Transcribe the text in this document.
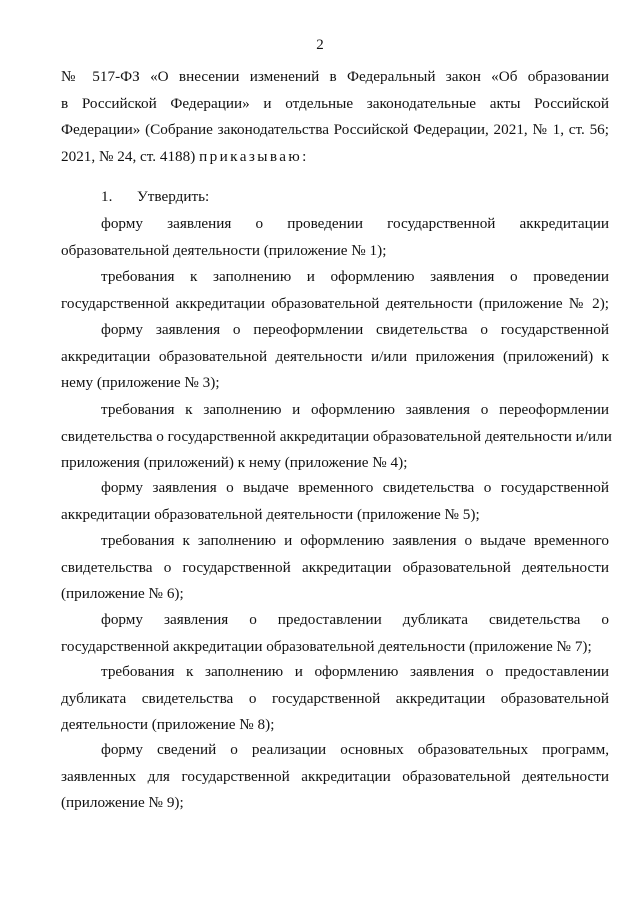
2
№ 517-ФЗ «О внесении изменений в Федеральный закон «Об образовании
в Российской Федерации» и отдельные законодательные акты Российской
Федерации» (Собрание законодательства Российской Федерации, 2021, № 1, ст. 56;
2021, № 24, ст. 4188) приказываю:
1. Утвердить:
форму заявления о проведении государственной аккредитации
образовательной деятельности (приложение № 1);
требования к заполнению и оформлению заявления о проведении
государственной аккредитации образовательной деятельности (приложение № 2);
форму заявления о переоформлении свидетельства о государственной
аккредитации образовательной деятельности и/или приложения (приложений) к
нему (приложение № 3);
требования к заполнению и оформлению заявления о переоформлении
свидетельства о государственной аккредитации образовательной деятельности и/или
приложения (приложений) к нему (приложение № 4);
форму заявления о выдаче временного свидетельства о государственной
аккредитации образовательной деятельности (приложение № 5);
требования к заполнению и оформлению заявления о выдаче временного
свидетельства о государственной аккредитации образовательной деятельности
(приложение № 6);
форму заявления о предоставлении дубликата свидетельства о
государственной аккредитации образовательной деятельности (приложение № 7);
требования к заполнению и оформлению заявления о предоставлении
дубликата свидетельства о государственной аккредитации образовательной
деятельности (приложение № 8);
форму сведений о реализации основных образовательных программ,
заявленных для государственной аккредитации образовательной деятельности
(приложение № 9);
